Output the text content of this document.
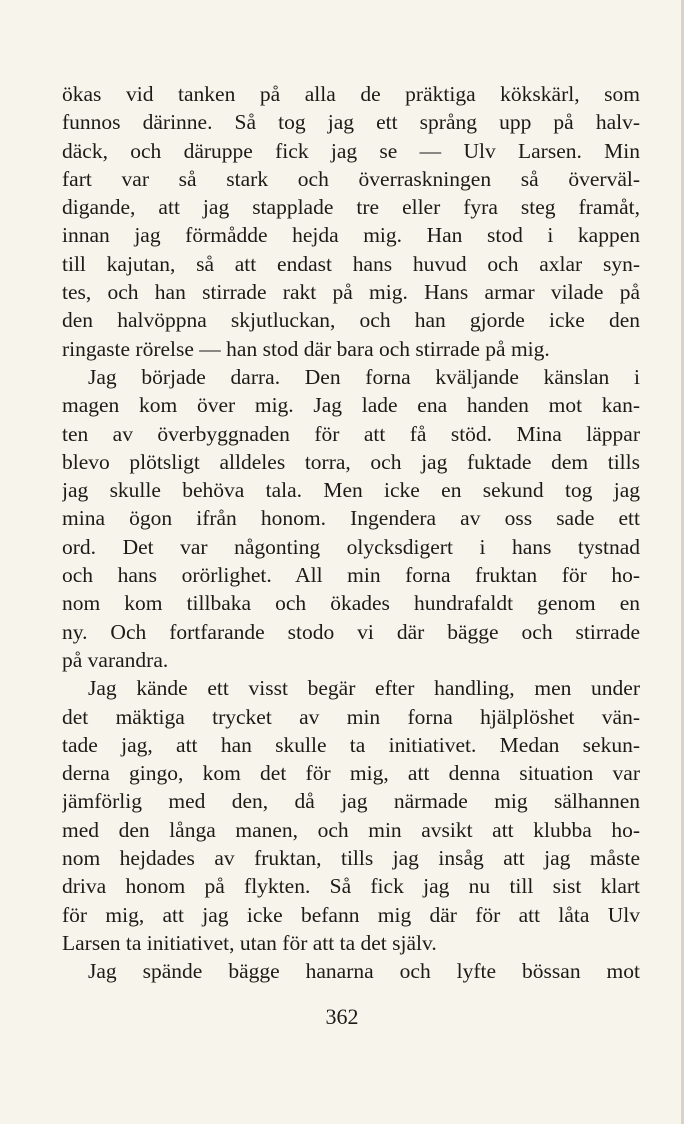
ökas vid tanken på alla de präktiga kökskärl, som
funnos därinne. Så tog jag ett språng upp på halv-
däck, och däruppe fick jag se — Ulv Larsen. Min
fart var så stark och överraskningen så överväl-
digande, att jag stapplade tre eller fyra steg framåt,
innan jag förmådde hejda mig. Han stod i kappen
till kajutan, så att endast hans huvud och axlar syn-
tes, och han stirrade rakt på mig. Hans armar vilade på
den halvöppna skjutluckan, och han gjorde icke den
ringaste rörelse — han stod där bara och stirrade på mig.
Jag började darra. Den forna kväljande känslan i
magen kom över mig. Jag lade ena handen mot kan-
ten av överbyggnaden för att få stöd. Mina läppar
blevo plötsligt alldeles torra, och jag fuktade dem tills
jag skulle behöva tala. Men icke en sekund tog jag
mina ögon ifrån honom. Ingendera av oss sade ett
ord. Det var någonting olycksdigert i hans tystnad
och hans orörlighet. All min forna fruktan för ho-
nom kom tillbaka och ökades hundrafaldt genom en
ny. Och fortfarande stodo vi där bägge och stirrade
på varandra.
Jag kände ett visst begär efter handling, men under
det mäktiga trycket av min forna hjälplöshet vän-
tade jag, att han skulle ta initiativet. Medan sekun-
derna gingo, kom det för mig, att denna situation var
jämförlig med den, då jag närmade mig sälhannen
med den långa manen, och min avsikt att klubba ho-
nom hejdades av fruktan, tills jag insåg att jag måste
driva honom på flykten. Så fick jag nu till sist klart
för mig, att jag icke befann mig där för att låta Ulv
Larsen ta initiativet, utan för att ta det själv.
Jag spände bägge hanarna och lyfte bössan mot
362
